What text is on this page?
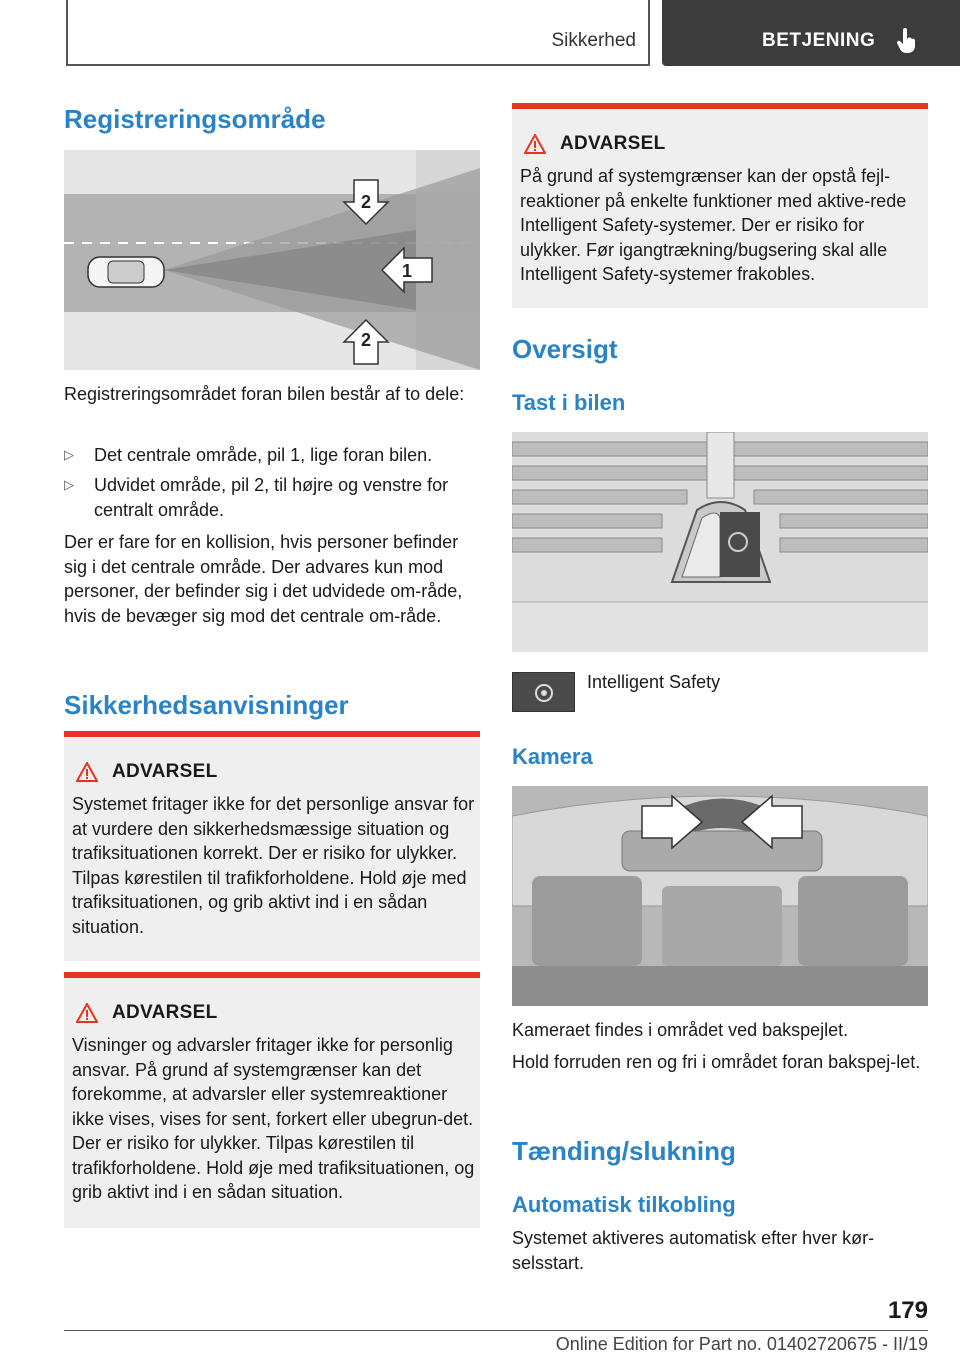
Sikkerhed	BETJENING
Registreringsområde
2
1
2

Registreringsområdet foran bilen består af to dele:

▷ Det centrale område, pil 1, lige foran bilen.
▷ Udvidet område, pil 2, til højre og venstre for centralt område.

Der er fare for en kollision, hvis personer befinder sig i det centrale område. Der advares kun mod personer, der befinder sig i det udvidede om-råde, hvis de bevæger sig mod det centrale om-råde.

Sikkerhedsanvisninger
ADVARSEL

Systemet fritager ikke for det personlige ansvar for at vurdere den sikkerhedsmæssige situation og trafiksituationen korrekt. Der er risiko for ulykker. Tilpas kørestilen til trafikforholdene. Hold øje med trafiksituationen, og grib aktivt ind i en sådan situation.

ADVARSEL

Visninger og advarsler fritager ikke for personlig ansvar. På grund af systemgrænser kan det forekomme, at advarsler eller systemreaktioner ikke vises, vises for sent, forkert eller ubegrun-det. Der er risiko for ulykker. Tilpas kørestilen til trafikforholdene. Hold øje med trafiksituationen, og grib aktivt ind i en sådan situation.

ADVARSEL

På grund af systemgrænser kan der opstå fejl-reaktioner på enkelte funktioner med aktive-rede Intelligent Safety-systemer. Der er risiko for ulykker. Før igangtrækning/bugsering skal alle Intelligent Safety-systemer frakobles.

Oversigt
Tast i bilen
Intelligent Safety
Kamera

Kameraet findes i området ved bakspejlet.

Hold forruden ren og fri i området foran bakspej-let.

Tænding/slukning
Automatisk tilkobling

Systemet aktiveres automatisk efter hver kør-selsstart.

179
Online Edition for Part no. 01402720675 - II/19
